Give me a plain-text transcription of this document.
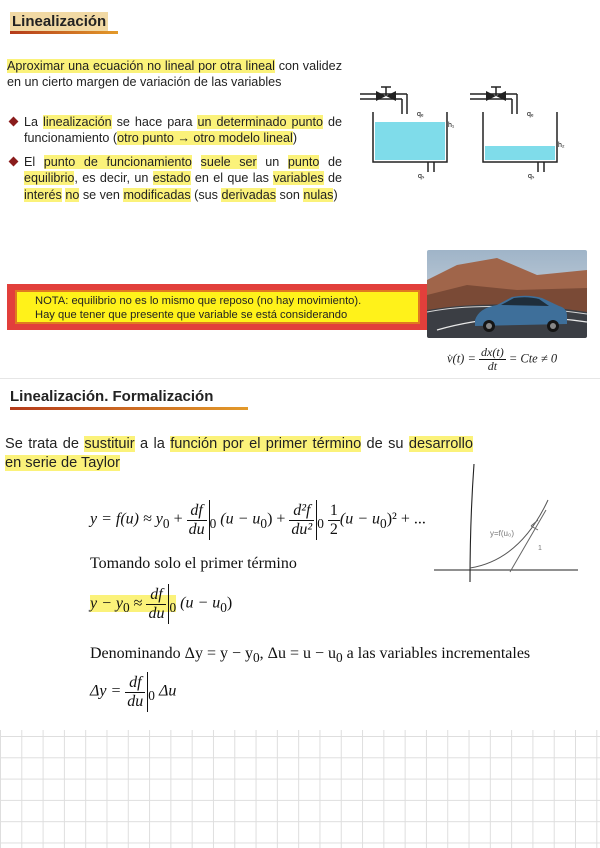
Linealización
Aproximar una ecuación no lineal por otra lineal con validez en un cierto margen de variación de las variables
La linealización se hace para un determinado punto de funcionamiento (otro punto → otro modelo lineal)
El punto de funcionamiento suele ser un punto de equilibrio, es decir, un estado en el que las variables de interés no se ven modificadas (sus derivadas son nulas)
qₑ
h₁
qₛ
qₑ
h₂
qₛ
NOTA: equilibrio no es lo mismo que reposo (no hay movimiento).
Hay que tener que presente que variable se está considerando
v̇(t) = $\frac{dx(t)}{dt}$ = Cte ≠ 0
Linealización. Formalización
Se trata de sustituir a la función por el primer término de su desarrollo en serie de Taylor
$y = f(u) \approx y_0 + \frac{df}{du} _0$ $(u - u_0) + \frac{\text{d²f}}{\text{du²}} _0 \frac{1}{2} (u - u_0)^2$ + ...
Tomando solo el primer término
$y - y_0 \approx \frac{df}{du} _0$ $(u - u_0)$
Denominando $\Delta y = y - y_0$, $\Delta u = u - u_0$ a las variables incrementales
$\Delta y = \frac{df}{du} _0$ Δu
y=f(u₀)
1
